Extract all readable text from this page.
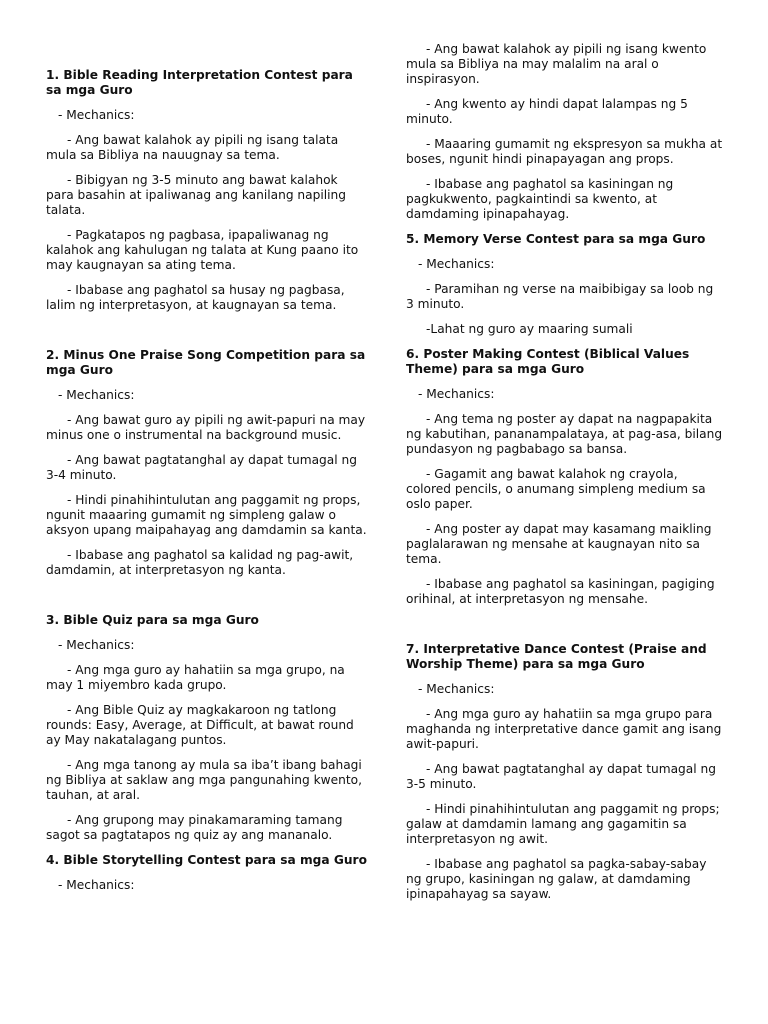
1. Bible Reading Interpretation Contest para sa mga Guro
- Mechanics:
- Ang bawat kalahok ay pipili ng isang talata mula sa Bibliya na nauugnay sa tema.
- Bibigyan ng 3-5 minuto ang bawat kalahok para basahin at ipaliwanag ang kanilang napiling talata.
- Pagkatapos ng pagbasa, ipapaliwanag ng kalahok ang kahulugan ng talata at Kung paano ito may kaugnayan sa ating tema.
- Ibabase ang paghatol sa husay ng pagbasa, lalim ng interpretasyon, at kaugnayan sa tema.
2. Minus One Praise Song Competition para sa mga Guro
- Mechanics:
- Ang bawat guro ay pipili ng awit-papuri na may minus one o instrumental na background music.
- Ang bawat pagtatanghal ay dapat tumagal ng 3-4 minuto.
- Hindi pinahihintulutan ang paggamit ng props, ngunit maaaring gumamit ng simpleng galaw o aksyon upang maipahayag ang damdamin sa kanta.
- Ibabase ang paghatol sa kalidad ng pag-awit, damdamin, at interpretasyon ng kanta.
3. Bible Quiz para sa mga Guro
- Mechanics:
- Ang mga guro ay hahatiin sa mga grupo, na may 1 miyembro kada grupo.
- Ang Bible Quiz ay magkakaroon ng tatlong rounds: Easy, Average, at Difficult, at bawat round ay May nakatalagang puntos.
- Ang mga tanong ay mula sa iba’t ibang bahagi ng Bibliya at saklaw ang mga pangunahing kwento, tauhan, at aral.
- Ang grupong may pinakamaraming tamang sagot sa pagtatapos ng quiz ay ang mananalo.
4. Bible Storytelling Contest para sa mga Guro
- Mechanics:
- Ang bawat kalahok ay pipili ng isang kwento mula sa Bibliya na may malalim na aral o inspirasyon.
- Ang kwento ay hindi dapat lalampas ng 5 minuto.
- Maaaring gumamit ng ekspresyon sa mukha at boses, ngunit hindi pinapayagan ang props.
- Ibabase ang paghatol sa kasiningan ng pagkukwento, pagkaintindi sa kwento, at damdaming ipinapahayag.
5. Memory Verse Contest para sa mga Guro
- Mechanics:
- Paramihan ng verse na maibibigay sa loob ng 3 minuto.
-Lahat ng guro ay maaring sumali
6. Poster Making Contest (Biblical Values Theme) para sa mga Guro
- Mechanics:
- Ang tema ng poster ay dapat na nagpapakita ng kabutihan, pananampalataya, at pag-asa, bilang pundasyon ng pagbabago sa bansa.
- Gagamit ang bawat kalahok ng crayola, colored pencils, o anumang simpleng medium sa oslo paper.
- Ang poster ay dapat may kasamang maikling paglalarawan ng mensahe at kaugnayan nito sa tema.
- Ibabase ang paghatol sa kasiningan, pagiging orihinal, at interpretasyon ng mensahe.
7. Interpretative Dance Contest (Praise and Worship Theme) para sa mga Guro
- Mechanics:
- Ang mga guro ay hahatiin sa mga grupo para maghanda ng interpretative dance gamit ang isang awit-papuri.
- Ang bawat pagtatanghal ay dapat tumagal ng 3-5 minuto.
- Hindi pinahihintulutan ang paggamit ng props; galaw at damdamin lamang ang gagamitin sa interpretasyon ng awit.
- Ibabase ang paghatol sa pagka-sabay-sabay ng grupo, kasiningan ng galaw, at damdaming ipinapahayag sa sayaw.
